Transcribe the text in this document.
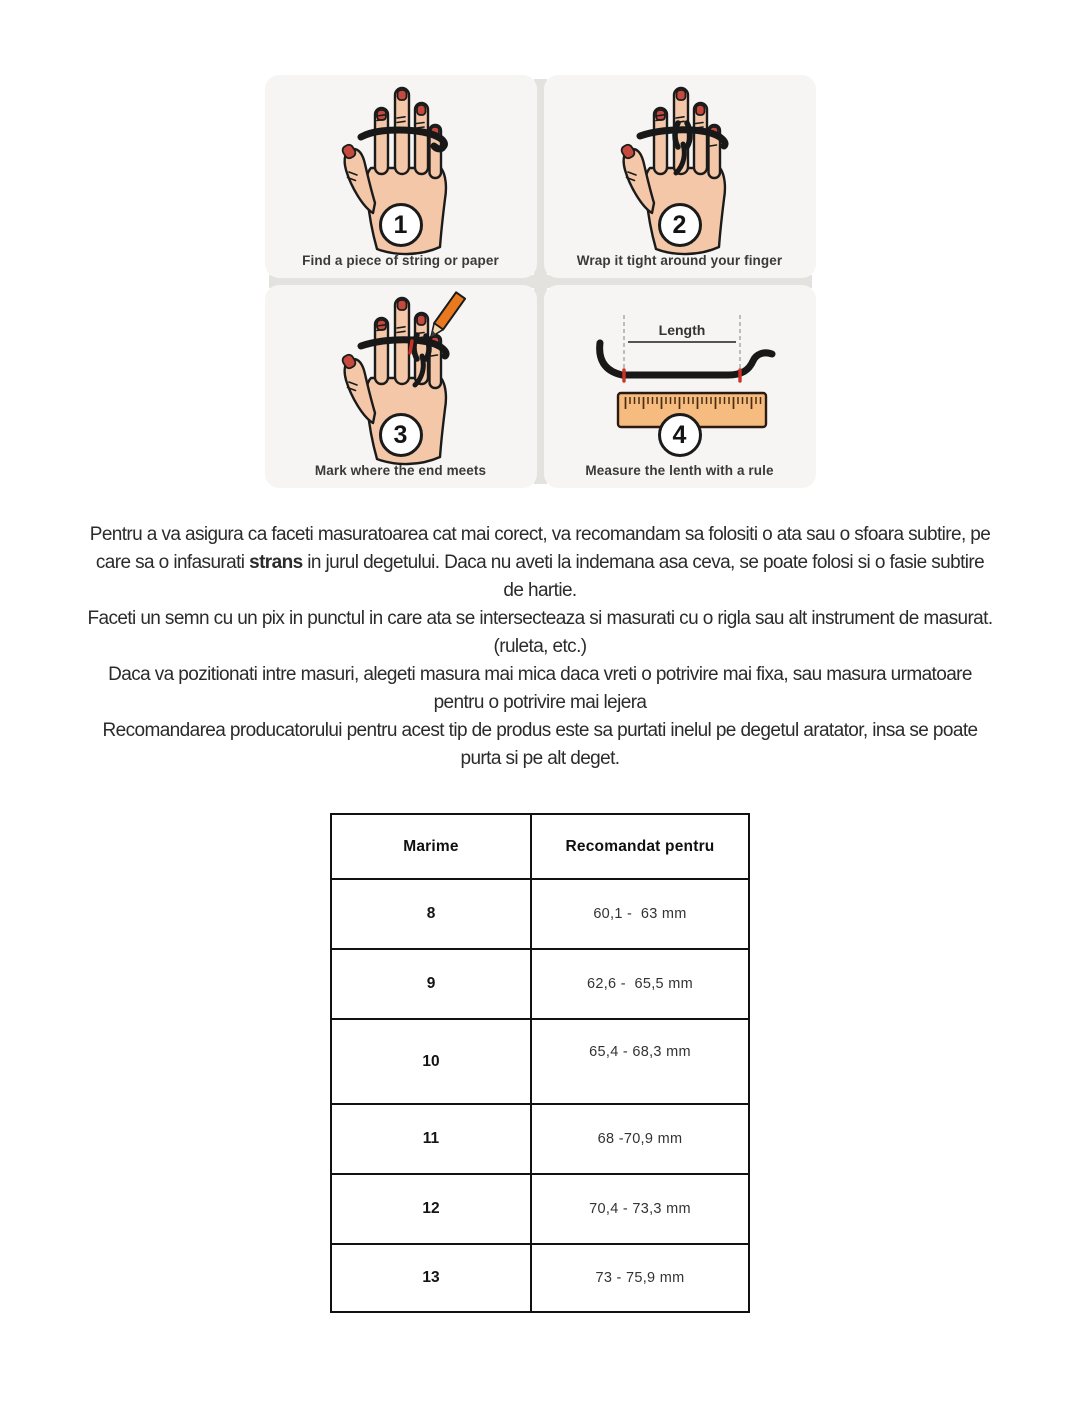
1
Find a piece of string or paper
2
Wrap it tight around your finger
3
Mark where the end meets
Length
4
Measure the lenth with a rule

Pentru a va asigura ca faceti masuratoarea cat mai corect, va recomandam sa folositi o ata sau o sfoara subtire, pe care sa o infasurati strans in jurul degetului. Daca nu aveti la indemana asa ceva, se poate folosi si o fasie subtire de hartie.

Faceti un semn cu un pix in punctul in care ata se intersecteaza si masurati cu o rigla sau alt instrument de masurat. (ruleta, etc.)

Daca va pozitionati intre masuri, alegeti masura mai mica daca vreti o potrivire mai fixa, sau masura urmatoare pentru o potrivire mai lejera

Recomandarea producatorului pentru acest tip de produs este sa purtati inelul pe degetul aratator, insa se poate purta si pe alt deget.

Marime	Recomandat pentru
8	60,1 -  63 mm
9	62,6 -  65,5 mm
10	65,4 - 68,3 mm
11	68 -70,9 mm
12	70,4 - 73,3 mm
13	73 - 75,9 mm
